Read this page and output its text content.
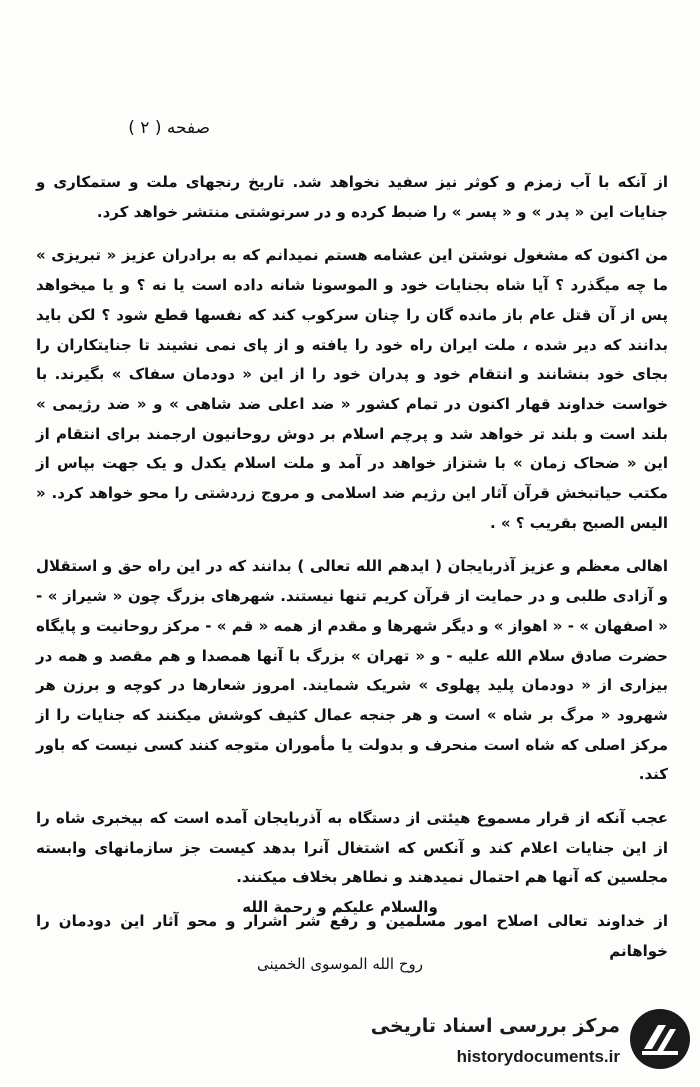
صفحه ( ۲ )

از آنکه با آب زمزم و کوثر نیز سفید نخواهد شد. تاریخ رنجهای ملت و ستمکاری و جنایات این « پدر » و « پسر » را ضبط کرده و در سرنوشتی منتشر خواهد کرد.

من اکنون که مشغول نوشتن این عشامه هستم نمیدانم که به برادران عزیز « تبریزی » ما چه میگذرد ؟ آیا شاه بجنایات خود و الموسونا شانه داده است یا نه ؟ و یا میخواهد پس از آن قتل عام باز مانده گان را چنان سرکوب کند که نفسها قطع شود ؟ لکن باید بدانند که دیر شده ، ملت ایران راه خود را یافته و از پای نمی نشیند تا جنایتکاران را بجای خود بنشانند و انتقام خود و پدران خود را از این « دودمان سفاک » بگیرند. با خواست خداوند قهار اکنون در تمام کشور « ضد اعلی ضد شاهی » و « ضد رژیمی » بلند است و بلند تر خواهد شد و پرچم اسلام بر دوش روحانیون ارجمند برای انتقام از این « ضحاک زمان » با شتزاز خواهد در آمد و ملت اسلام یکدل و یک جهت بپاس از مکتب حیاتبخش قرآن آثار این رژیم ضد اسلامی و مروج زردشتی را محو خواهد کرد. « الیس الصبح بقریب ؟ » .

اهالی معظم و عزیز آذربایجان ( ایدهم الله تعالی ) بدانند که در این راه حق و استقلال و آزادی طلبی و در حمایت از قرآن کریم تنها نیستند. شهرهای بزرگ چون « شیراز » - « اصفهان » - « اهواز » و دیگر شهرها و مقدم از همه « قم » - مرکز روحانیت و پایگاه حضرت صادق سلام الله علیه - و « تهران » بزرگ با آنها همصدا و هم مقصد و همه در بیزاری از « دودمان پلید پهلوی » شریک شمایند. امروز شعارها در کوچه و برزن هر شهرود « مرگ بر شاه » است و هر جنجه عمال کثیف کوشش میکنند که جنایات را از مرکز اصلی که شاه است منحرف و بدولت یا مأموران متوجه کنند کسی نیست که باور کند.

عجب آنکه از قرار مسموع هیئتی از دستگاه به آذربایجان آمده است که بیخبری شاه را از این جنایات اعلام کند و آنکس که اشتغال آنرا بدهد کیست جز سازمانهای وابسته مجلسین که آنها هم احتمال نمیدهند و نطاهر بخلاف میکنند.

از خداوند تعالی اصلاح امور مسلمین و رفع شر اشرار و محو آثار این دودمان را خواهانم

والسلام علیکم و رحمة الله
روح الله الموسوی الخمینی
مرکز بررسی اسناد تاریخی
historydocuments.ir
